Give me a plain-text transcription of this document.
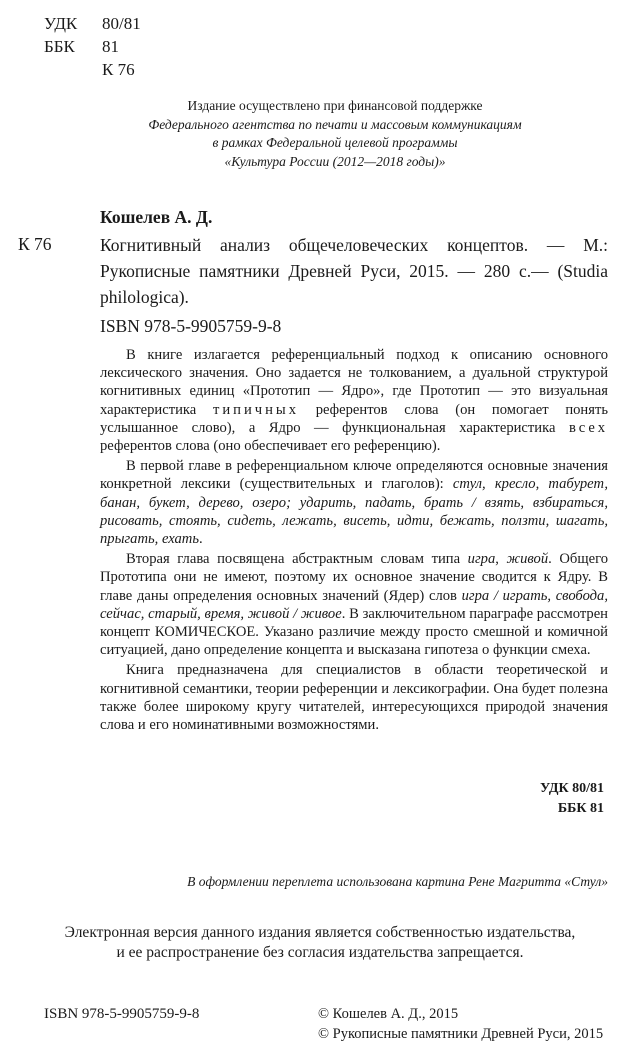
УДК	80/81
ББК	81
К 76
Издание осуществлено при финансовой поддержке
Федерального агентства по печати и массовым коммуникациям
в рамках Федеральной целевой программы
«Культура России (2012—2018 годы)»
Кошелев А. Д.
К 76	Когнитивный анализ общечеловеческих концептов. — М.: Рукописные памятники Древней Руси, 2015. — 280 с.— (Studia philologica).
ISBN 978-5-9905759-9-8

В книге излагается референциальный подход к описанию основного лексического значения. Оно задается не толкованием, а дуальной структурой когнитивных единиц «Прототип — Ядро», где Прототип — это визуальная характеристика типичных референтов слова (он помогает понять услышанное слово), а Ядро — функциональная характеристика всех референтов слова (оно обеспечивает его референцию).

В первой главе в референциальном ключе определяются основные значения конкретной лексики (существительных и глаголов): стул, кресло, табурет, банан, букет, дерево, озеро; ударить, падать, брать / взять, взбираться, рисовать, стоять, сидеть, лежать, висеть, идти, бежать, ползти, шагать, прыгать, ехать.

Вторая глава посвящена абстрактным словам типа игра, живой. Общего Прототипа они не имеют, поэтому их основное значение сводится к Ядру. В главе даны определения основных значений (Ядер) слов игра / играть, свобода, сейчас, старый, время, живой / живое. В заключительном параграфе рассмотрен концепт КОМИЧЕСКОЕ. Указано различие между просто смешной и комичной ситуацией, дано определение концепта и высказана гипотеза о функции смеха.

Книга предназначена для специалистов в области теоретической и когнитивной семантики, теории референции и лексикографии. Она будет полезна также более широкому кругу читателей, интересующихся природой значения слова и его номинативными возможностями.

УДК 80/81
ББК 81
В оформлении переплета использована картина Рене Магритта «Стул»
Электронная версия данного издания является собственностью издательства,
и ее распространение без согласия издательства запрещается.
ISBN 978-5-9905759-9-8	© Кошелев А. Д., 2015
© Рукописные памятники Древней Руси, 2015
